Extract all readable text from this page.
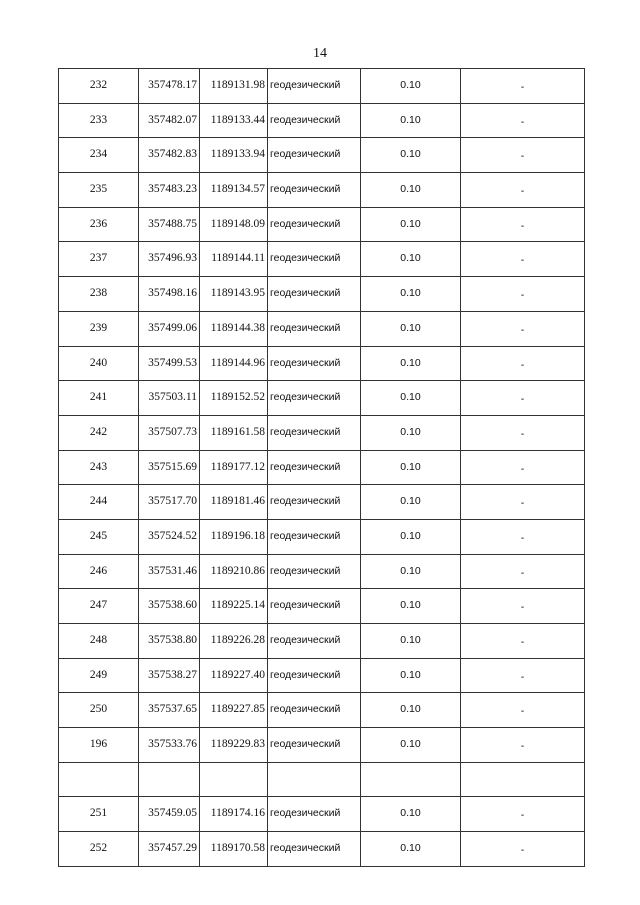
14
232	357478.17	1189131.98	геодезический	0.10	-

233	357482.07	1189133.44	геодезический	0.10	-

234	357482.83	1189133.94	геодезический	0.10	-

235	357483.23	1189134.57	геодезический	0.10	-

236	357488.75	1189148.09	геодезический	0.10	-

237	357496.93	1189144.11	геодезический	0.10	-

238	357498.16	1189143.95	геодезический	0.10	-

239	357499.06	1189144.38	геодезический	0.10	-

240	357499.53	1189144.96	геодезический	0.10	-

241	357503.11	1189152.52	геодезический	0.10	-

242	357507.73	1189161.58	геодезический	0.10	-

243	357515.69	1189177.12	геодезический	0.10	-

244	357517.70	1189181.46	геодезический	0.10	-

245	357524.52	1189196.18	геодезический	0.10	-

246	357531.46	1189210.86	геодезический	0.10	-

247	357538.60	1189225.14	геодезический	0.10	-

248	357538.80	1189226.28	геодезический	0.10	-

249	357538.27	1189227.40	геодезический	0.10	-

250	357537.65	1189227.85	геодезический	0.10	-

196	357533.76	1189229.83	геодезический	0.10	-

251	357459.05	1189174.16	геодезический	0.10	-

252	357457.29	1189170.58	геодезический	0.10	-
